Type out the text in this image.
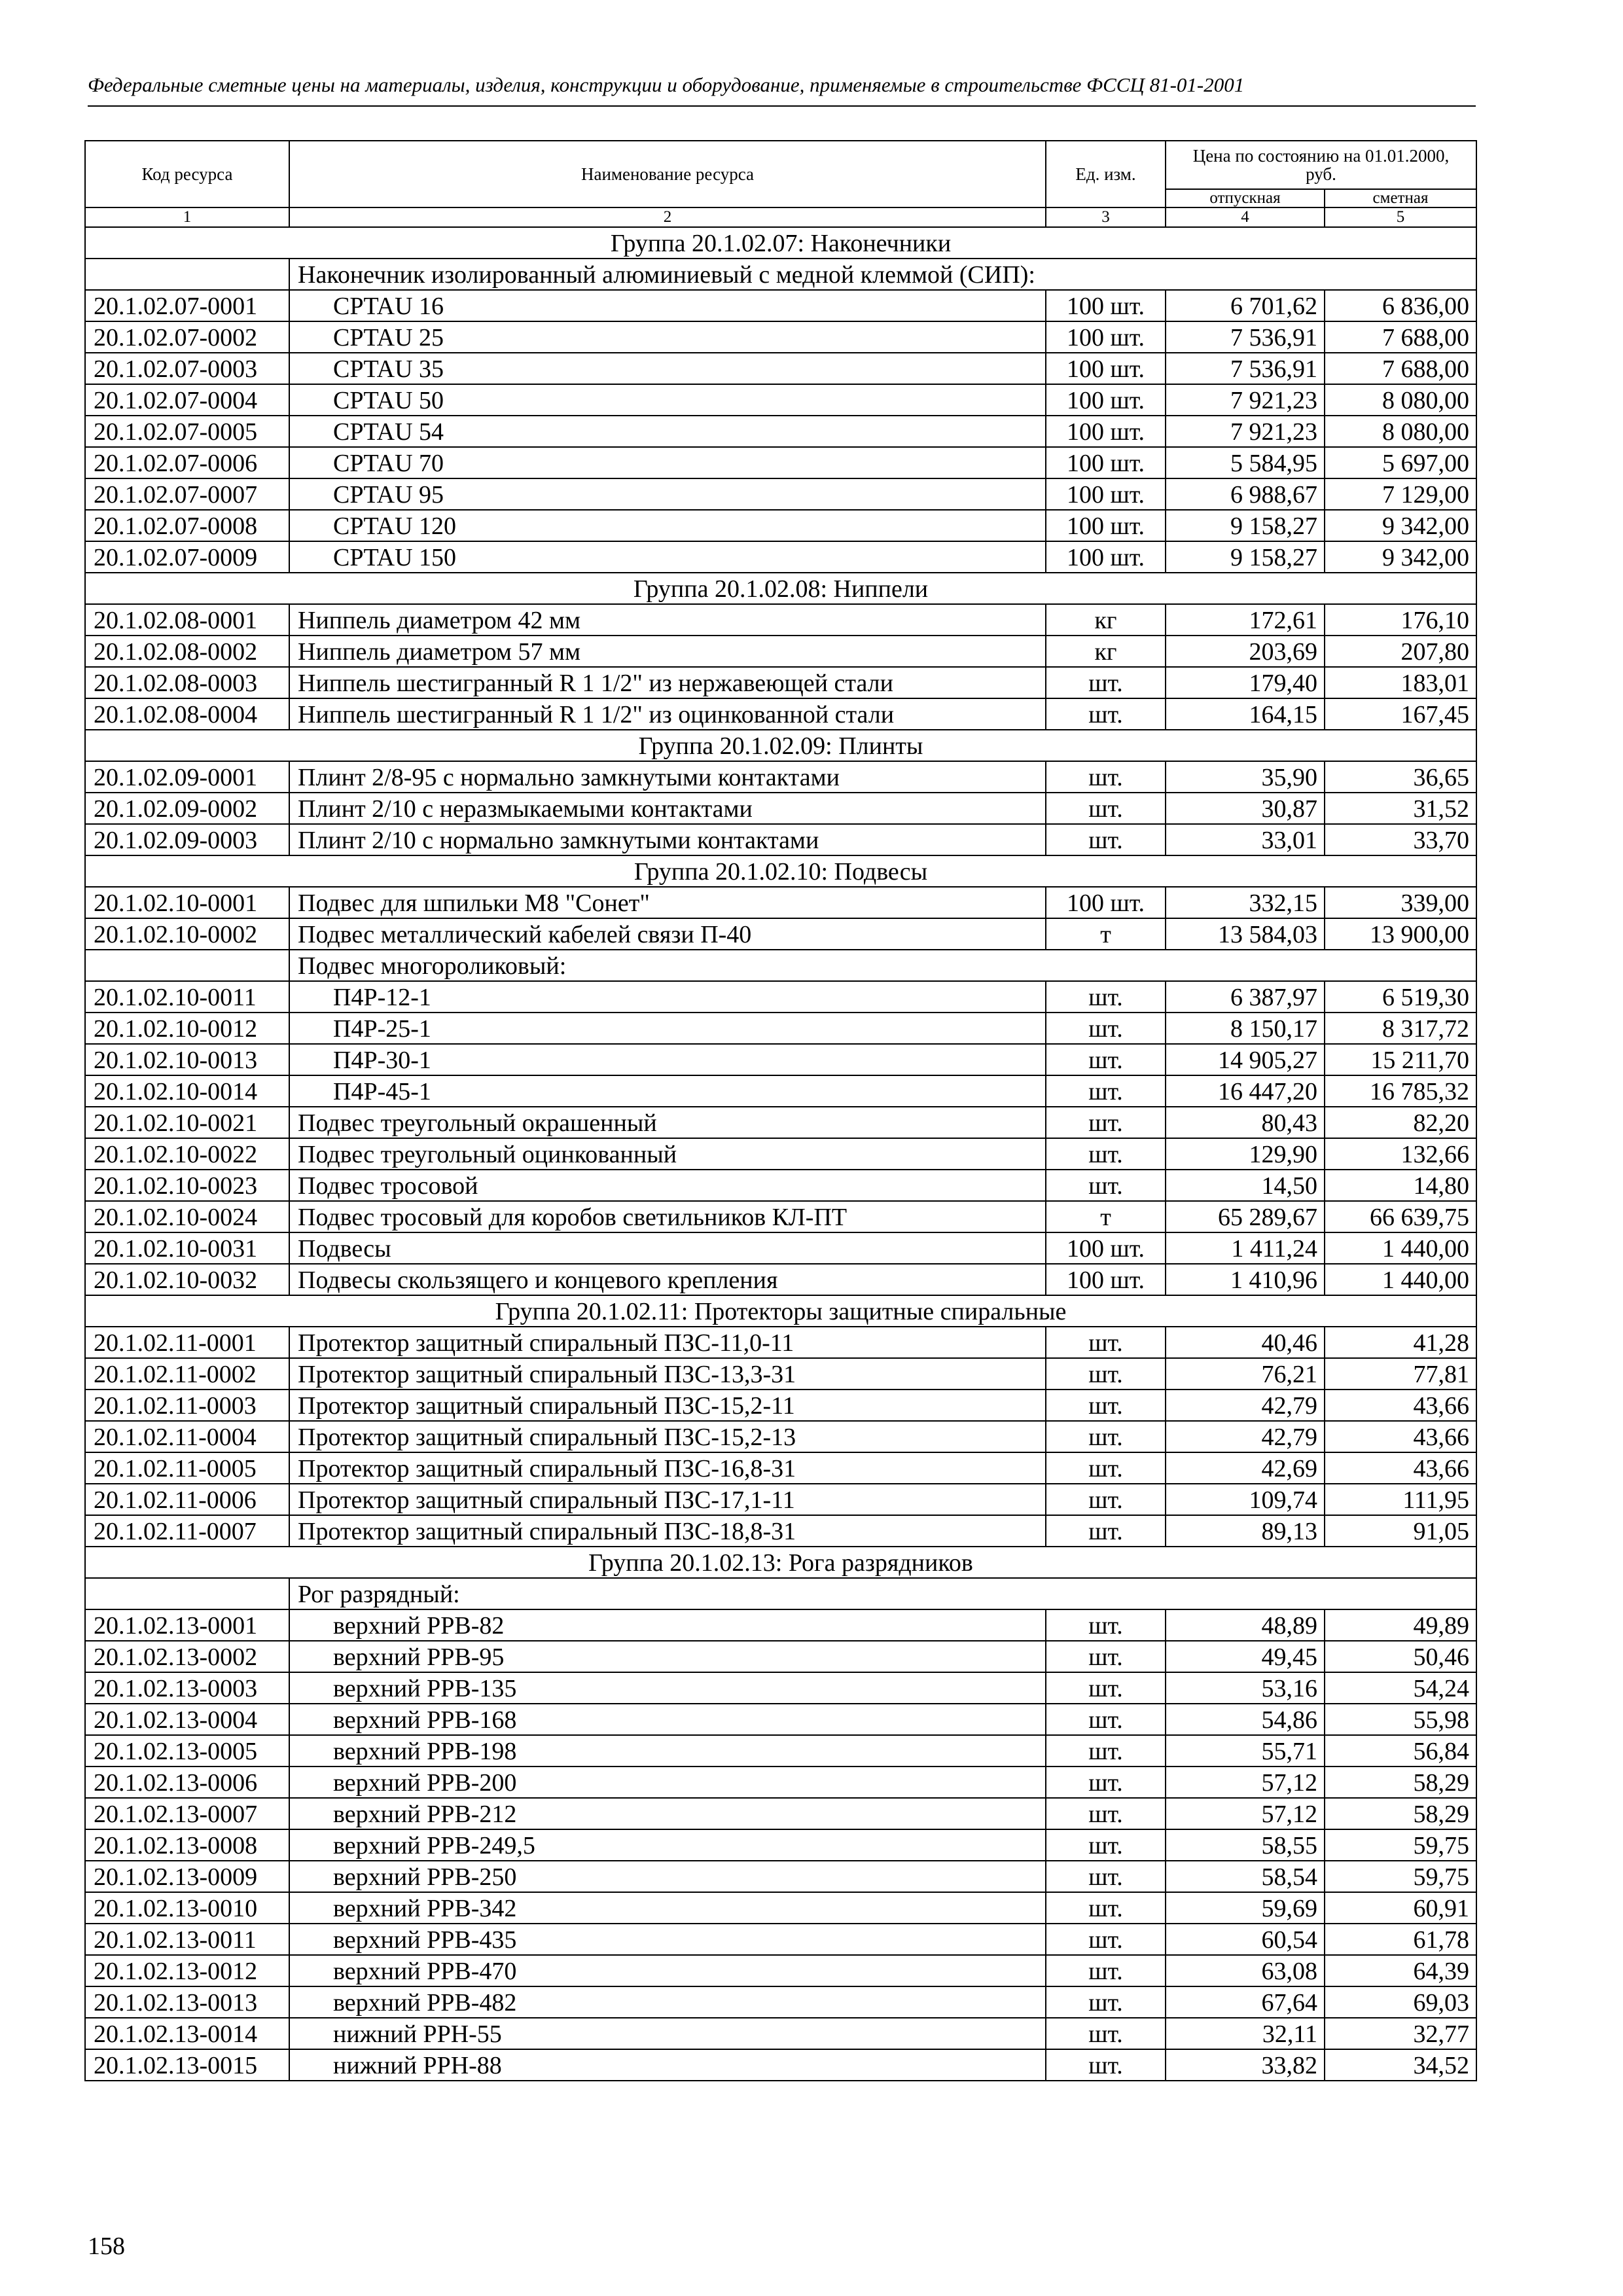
Федеральные сметные цены на материалы, изделия, конструкции и оборудование, применяемые в строительстве ФССЦ 81-01-2001
Код ресурса	Наименование ресурса	Ед. изм.	Цена по состоянию на 01.01.2000, руб.	
			отпускная	сметная
1	2	3	4	5
Группа 20.1.02.07: Наконечники				
	Наконечник изолированный алюминиевый с медной клеммой (СИП):			
20.1.02.07-0001	CPTAU 16	100 шт.	6 701,62	6 836,00
20.1.02.07-0002	CPTAU 25	100 шт.	7 536,91	7 688,00
20.1.02.07-0003	CPTAU 35	100 шт.	7 536,91	7 688,00
20.1.02.07-0004	CPTAU 50	100 шт.	7 921,23	8 080,00
20.1.02.07-0005	CPTAU 54	100 шт.	7 921,23	8 080,00
20.1.02.07-0006	CPTAU 70	100 шт.	5 584,95	5 697,00
20.1.02.07-0007	CPTAU 95	100 шт.	6 988,67	7 129,00
20.1.02.07-0008	CPTAU 120	100 шт.	9 158,27	9 342,00
20.1.02.07-0009	CPTAU 150	100 шт.	9 158,27	9 342,00
Группа 20.1.02.08: Ниппели				
20.1.02.08-0001	Ниппель диаметром 42 мм	кг	172,61	176,10
20.1.02.08-0002	Ниппель диаметром 57 мм	кг	203,69	207,80
20.1.02.08-0003	Ниппель шестигранный R 1 1/2" из нержавеющей стали	шт.	179,40	183,01
20.1.02.08-0004	Ниппель шестигранный R 1 1/2" из оцинкованной стали	шт.	164,15	167,45
Группа 20.1.02.09: Плинты				
20.1.02.09-0001	Плинт 2/8-95 с нормально замкнутыми контактами	шт.	35,90	36,65
20.1.02.09-0002	Плинт 2/10 с неразмыкаемыми контактами	шт.	30,87	31,52
20.1.02.09-0003	Плинт 2/10 с нормально замкнутыми контактами	шт.	33,01	33,70
Группа 20.1.02.10: Подвесы				
20.1.02.10-0001	Подвес для шпильки М8 "Сонет"	100 шт.	332,15	339,00
20.1.02.10-0002	Подвес металлический кабелей связи П-40	т	13 584,03	13 900,00
	Подвес многороликовый:			
20.1.02.10-0011	П4Р-12-1	шт.	6 387,97	6 519,30
20.1.02.10-0012	П4Р-25-1	шт.	8 150,17	8 317,72
20.1.02.10-0013	П4Р-30-1	шт.	14 905,27	15 211,70
20.1.02.10-0014	П4Р-45-1	шт.	16 447,20	16 785,32
20.1.02.10-0021	Подвес треугольный окрашенный	шт.	80,43	82,20
20.1.02.10-0022	Подвес треугольный оцинкованный	шт.	129,90	132,66
20.1.02.10-0023	Подвес тросовой	шт.	14,50	14,80
20.1.02.10-0024	Подвес тросовый для коробов светильников КЛ-ПТ	т	65 289,67	66 639,75
20.1.02.10-0031	Подвесы	100 шт.	1 411,24	1 440,00
20.1.02.10-0032	Подвесы скользящего и концевого крепления	100 шт.	1 410,96	1 440,00
Группа 20.1.02.11: Протекторы защитные спиральные				
20.1.02.11-0001	Протектор защитный спиральный ПЗС-11,0-11	шт.	40,46	41,28
20.1.02.11-0002	Протектор защитный спиральный ПЗС-13,3-31	шт.	76,21	77,81
20.1.02.11-0003	Протектор защитный спиральный ПЗС-15,2-11	шт.	42,79	43,66
20.1.02.11-0004	Протектор защитный спиральный ПЗС-15,2-13	шт.	42,79	43,66
20.1.02.11-0005	Протектор защитный спиральный ПЗС-16,8-31	шт.	42,69	43,66
20.1.02.11-0006	Протектор защитный спиральный ПЗС-17,1-11	шт.	109,74	111,95
20.1.02.11-0007	Протектор защитный спиральный ПЗС-18,8-31	шт.	89,13	91,05
Группа 20.1.02.13: Рога разрядников				
	Рог разрядный:			
20.1.02.13-0001	верхний РРВ-82	шт.	48,89	49,89
20.1.02.13-0002	верхний РРВ-95	шт.	49,45	50,46
20.1.02.13-0003	верхний РРВ-135	шт.	53,16	54,24
20.1.02.13-0004	верхний РРВ-168	шт.	54,86	55,98
20.1.02.13-0005	верхний РРВ-198	шт.	55,71	56,84
20.1.02.13-0006	верхний РРВ-200	шт.	57,12	58,29
20.1.02.13-0007	верхний РРВ-212	шт.	57,12	58,29
20.1.02.13-0008	верхний РРВ-249,5	шт.	58,55	59,75
20.1.02.13-0009	верхний РРВ-250	шт.	58,54	59,75
20.1.02.13-0010	верхний РРВ-342	шт.	59,69	60,91
20.1.02.13-0011	верхний РРВ-435	шт.	60,54	61,78
20.1.02.13-0012	верхний РРВ-470	шт.	63,08	64,39
20.1.02.13-0013	верхний РРВ-482	шт.	67,64	69,03
20.1.02.13-0014	нижний РРН-55	шт.	32,11	32,77
20.1.02.13-0015	нижний РРН-88	шт.	33,82	34,52
158
